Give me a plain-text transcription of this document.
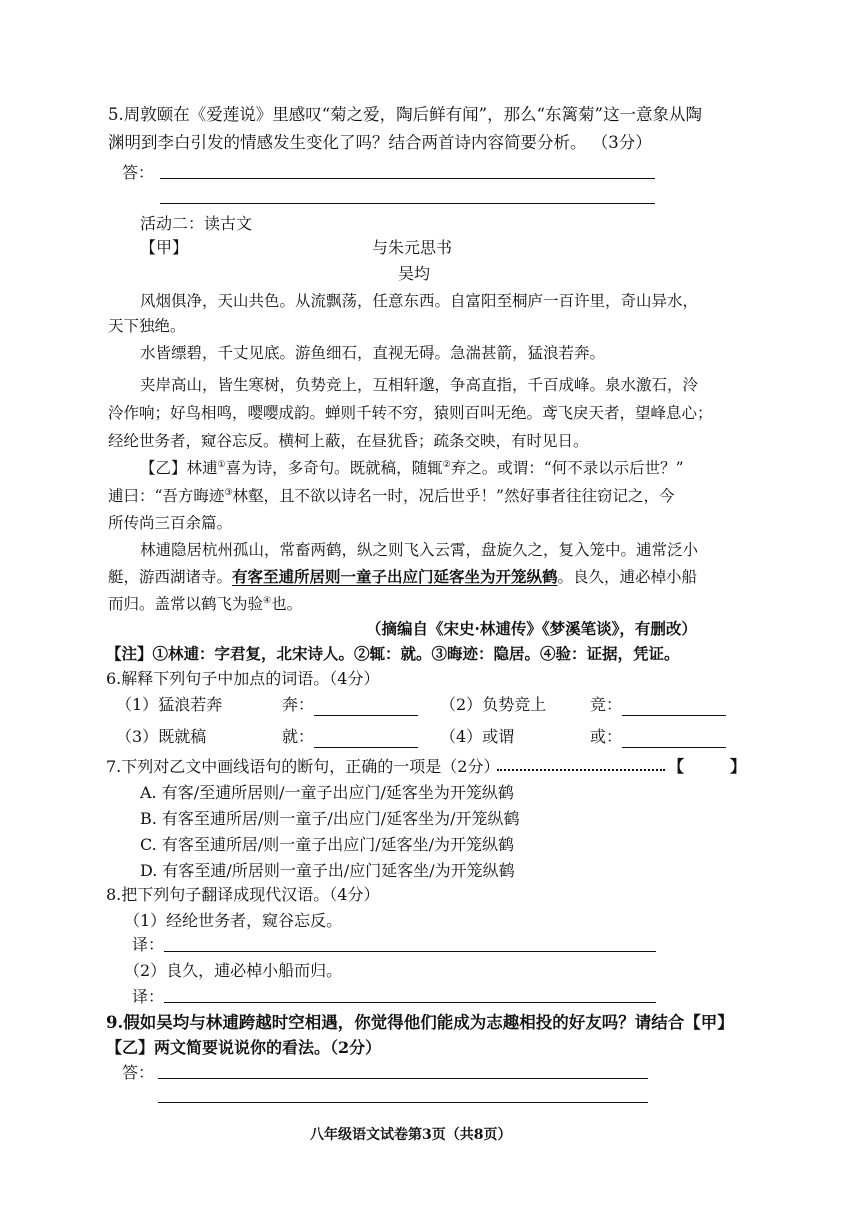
5.周敦颐在《爱莲说》里感叹“菊之爱，陶后鲜有闻”，那么“东篱菊”这一意象从陶
渊明到李白引发的情感发生变化了吗？结合两首诗内容简要分析。 （3分）
答：
活动二：读古文
【甲】	与朱元思书
吴均
风烟俱净，天山共色。从流飘荡，任意东西。自富阳至桐庐一百许里，奇山异水，
天下独绝。
水皆缥碧，千丈见底。游鱼细石，直视无碍。急湍甚箭，猛浪若奔。
夹岸高山，皆生寒树，负势竞上，互相轩邈，争高直指，千百成峰。泉水激石，泠
泠作响；好鸟相鸣，嘤嘤成韵。蝉则千转不穷，猿则百叫无绝。鸢飞戾天者，望峰息心；
经纶世务者，窥谷忘反。横柯上蔽，在昼犹昏；疏条交映，有时见日。
【乙】林逋①喜为诗，多奇句。既就稿，随辄②弃之。或谓：“何不录以示后世？”
逋曰：“吾方晦迹③林壑，且不欲以诗名一时，况后世乎！”然好事者往往窃记之，今
所传尚三百余篇。
林逋隐居杭州孤山，常畜两鹤，纵之则飞入云霄，盘旋久之，复入笼中。逋常泛小
艇，游西湖诸寺。有客至逋所居则一童子出应门延客坐为开笼纵鹤。良久，逋必棹小船
而归。盖常以鹤飞为验④也。
（摘编自《宋史·林逋传》《梦溪笔谈》，有删改）
【注】①林逋：字君复，北宋诗人。②辄：就。③晦迹：隐居。④验：证据，凭证。
6.解释下列句子中加点的词语。（4分）
（1）猛浪若奔	奔：	（2）负势竞上	竞：
（3）既就稿	就：	（4）或谓	或：
7.下列对乙文中画线语句的断句，正确的一项是（2分）	【	】
A. 有客/至逋所居则/一童子出应门/延客坐为开笼纵鹤
B. 有客至逋所居/则一童子/出应门/延客坐为/开笼纵鹤
C. 有客至逋所居/则一童子出应门/延客坐/为开笼纵鹤
D. 有客至逋/所居则一童子出/应门延客坐/为开笼纵鹤
8.把下列句子翻译成现代汉语。（4分）
（1）经纶世务者，窥谷忘反。
译：
（2）良久，逋必棹小船而归。
译：
9.假如吴均与林逋跨越时空相遇，你觉得他们能成为志趣相投的好友吗？请结合【甲】
【乙】两文简要说说你的看法。（2分）
答：
八年级语文试卷第3页（共8页）
